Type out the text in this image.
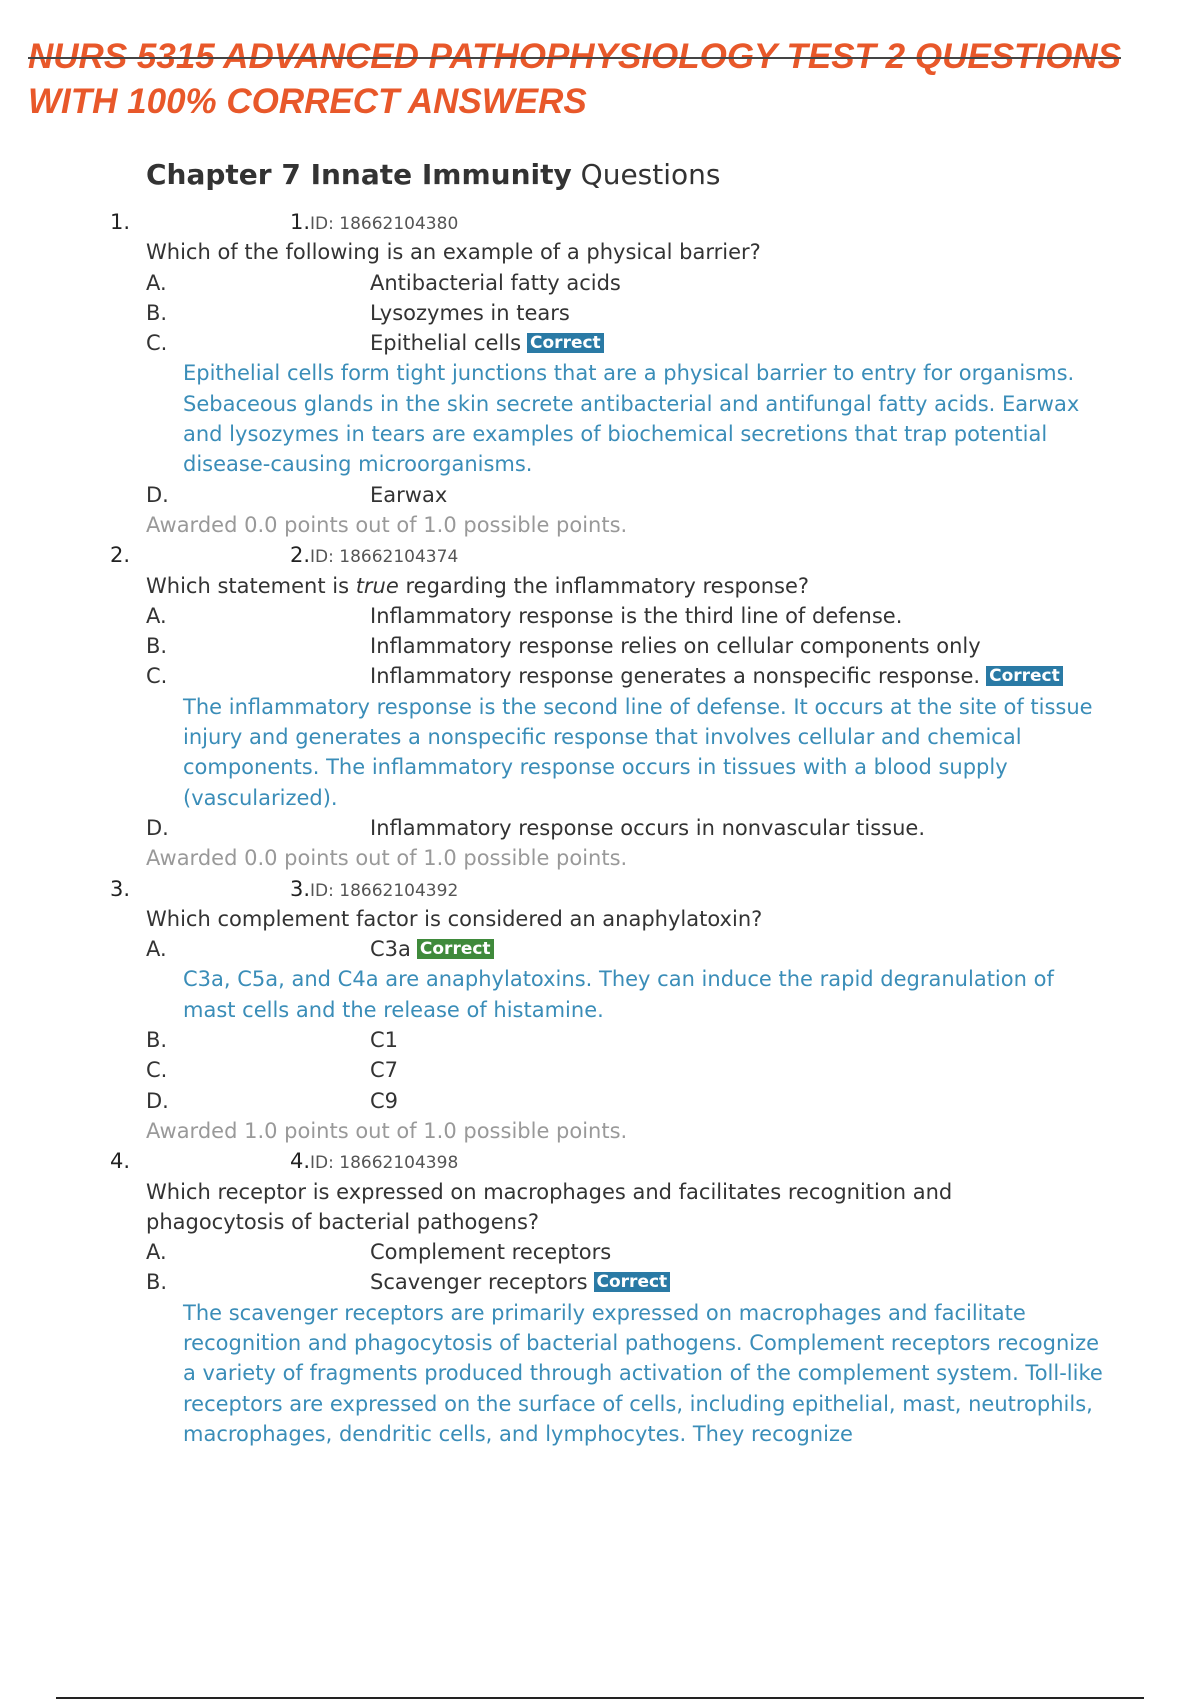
NURS 5315 ADVANCED PATHOPHYSIOLOGY TEST 2 QUESTIONS
WITH 100% CORRECT ANSWERS
Chapter 7 Innate Immunity Questions
1.	1.ID: 18662104380
Which of the following is an example of a physical barrier?
A.	Antibacterial fatty acids
B.	Lysozymes in tears
C.	Epithelial cells Correct
Epithelial cells form tight junctions that are a physical barrier to entry for organisms. Sebaceous glands in the skin secrete antibacterial and antifungal fatty acids. Earwax and lysozymes in tears are examples of biochemical secretions that trap potential disease-causing microorganisms.
D.	Earwax
Awarded 0.0 points out of 1.0 possible points.
2.	2.ID: 18662104374
Which statement is true regarding the inflammatory response?
A.	Inflammatory response is the third line of defense.
B.	Inflammatory response relies on cellular components only
C.	Inflammatory response generates a nonspecific response. Correct
The inflammatory response is the second line of defense. It occurs at the site of tissue injury and generates a nonspecific response that involves cellular and chemical components. The inflammatory response occurs in tissues with a blood supply (vascularized).
D.	Inflammatory response occurs in nonvascular tissue.
Awarded 0.0 points out of 1.0 possible points.
3.	3.ID: 18662104392
Which complement factor is considered an anaphylatoxin?
A.	C3a Correct
C3a, C5a, and C4a are anaphylatoxins. They can induce the rapid degranulation of mast cells and the release of histamine.
B.	C1
C.	C7
D.	C9
Awarded 1.0 points out of 1.0 possible points.
4.	4.ID: 18662104398
Which receptor is expressed on macrophages and facilitates recognition and
phagocytosis of bacterial pathogens?
A.	Complement receptors
B.	Scavenger receptors Correct
The scavenger receptors are primarily expressed on macrophages and facilitate recognition and phagocytosis of bacterial pathogens. Complement receptors recognize a variety of fragments produced through activation of the complement system. Toll-like receptors are expressed on the surface of cells, including epithelial, mast, neutrophils, macrophages, dendritic cells, and lymphocytes. They recognize
